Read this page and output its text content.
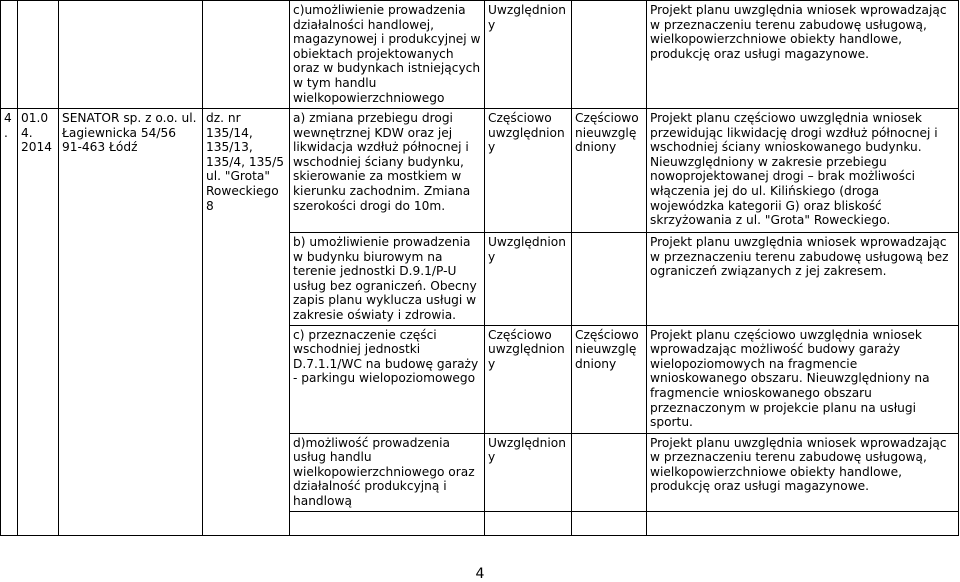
				c)umożliwienie prowadzenia działalności handlowej, magazynowej i produkcyjnej w obiektach projektowanych oraz w budynkach istniejących w tym handlu wielkopowierzchniowego	Uwzględniony		Projekt planu uwzględnia wniosek wprowadzając w przeznaczeniu terenu zabudowę usługową, wielkopowierzchniowe obiekty handlowe, produkcję oraz usługi magazynowe.
4.	01.04. 2014	SENATOR sp. z o.o. ul. Łagiewnicka 54/56 91-463 Łódź	dz. nr 135/14, 135/13, 135/4, 135/5 ul. "Grota" Roweckiego 8	a) zmiana przebiegu drogi wewnętrznej KDW oraz jej likwidacja wzdłuż północnej i wschodniej ściany budynku, skierowanie za mostkiem w kierunku zachodnim. Zmiana szerokości drogi do 10m.	Częściowo uwzględniony	Częściowo nieuwzględniony	Projekt planu częściowo uwzględnia wniosek przewidując likwidację drogi wzdłuż północnej i wschodniej ściany wnioskowanego budynku. Nieuwzględniony w zakresie przebiegu nowoprojektowanej drogi – brak możliwości włączenia jej do ul. Kilińskiego (droga wojewódzka kategorii G) oraz bliskość skrzyżowania z ul. "Grota" Roweckiego.
				b) umożliwienie prowadzenia w budynku biurowym na terenie jednostki D.9.1/P-U usług bez ograniczeń. Obecny zapis planu wyklucza usługi w zakresie oświaty i zdrowia.	Uwzględniony		Projekt planu uwzględnia wniosek wprowadzając w przeznaczeniu terenu zabudowę usługową bez ograniczeń związanych z jej zakresem.
				c) przeznaczenie części wschodniej jednostki D.7.1.1/WC na budowę garaży - parkingu wielopoziomowego	Częściowo uwzględniony	Częściowo nieuwzględniony	Projekt planu częściowo uwzględnia wniosek wprowadzając możliwość budowy garaży wielopoziomowych na fragmencie wnioskowanego obszaru. Nieuwzględniony na fragmencie wnioskowanego obszaru przeznaczonym w projekcie planu na usługi sportu.
				d)możliwość prowadzenia usług handlu wielkopowierzchniowego oraz działalność produkcyjną i handlową	Uwzględniony		Projekt planu uwzględnia wniosek wprowadzając w przeznaczeniu terenu zabudowę usługową, wielkopowierzchniowe obiekty handlowe, produkcję oraz usługi magazynowe.

4
